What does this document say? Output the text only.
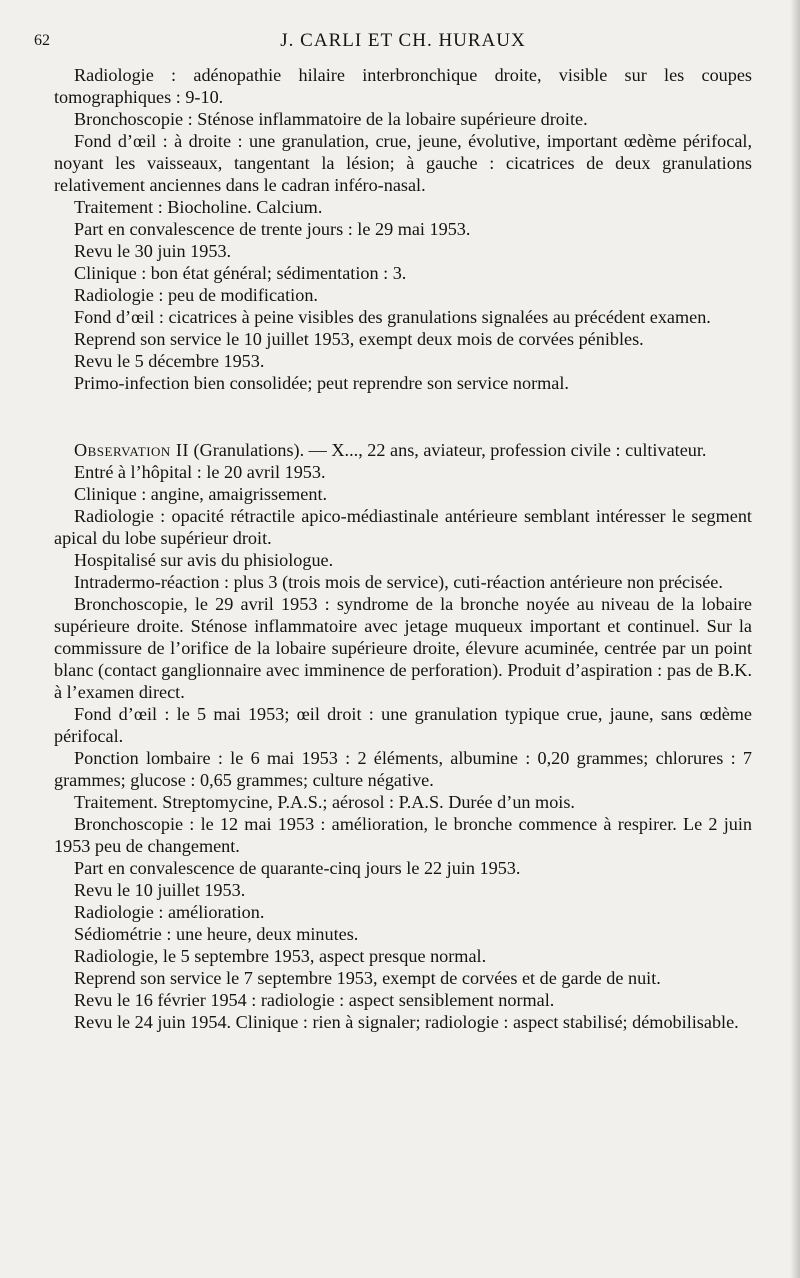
62	J. CARLI ET CH. HURAUX

Radiologie : adénopathie hilaire interbronchique droite, visible sur les coupes tomographiques : 9-10.

Bronchoscopie : Sténose inflammatoire de la lobaire supérieure droite.

Fond d’œil : à droite : une granulation, crue, jeune, évolutive, important œdème périfocal, noyant les vaisseaux, tangentant la lésion; à gauche : cicatrices de deux granulations relativement anciennes dans le cadran inféro-nasal.

Traitement : Biocholine. Calcium.

Part en convalescence de trente jours : le 29 mai 1953.

Revu le 30 juin 1953.

Clinique : bon état général; sédimentation : 3.

Radiologie : peu de modification.

Fond d’œil : cicatrices à peine visibles des granulations signalées au précédent examen.

Reprend son service le 10 juillet 1953, exempt deux mois de corvées pénibles.

Revu le 5 décembre 1953.

Primo-infection bien consolidée; peut reprendre son service normal.

Observation II (Granulations). — X..., 22 ans, aviateur, profession civile : cultivateur.

Entré à l’hôpital : le 20 avril 1953.

Clinique : angine, amaigrissement.

Radiologie : opacité rétractile apico-médiastinale antérieure semblant intéresser le segment apical du lobe supérieur droit.

Hospitalisé sur avis du phisiologue.

Intradermo-réaction : plus 3 (trois mois de service), cuti-réaction antérieure non précisée.

Bronchoscopie, le 29 avril 1953 : syndrome de la bronche noyée au niveau de la lobaire supérieure droite. Sténose inflammatoire avec jetage muqueux important et continuel. Sur la commissure de l’orifice de la lobaire supérieure droite, élevure acuminée, centrée par un point blanc (contact ganglionnaire avec imminence de perforation). Produit d’aspiration : pas de B.K. à l’examen direct.

Fond d’œil : le 5 mai 1953; œil droit : une granulation typique crue, jaune, sans œdème périfocal.

Ponction lombaire : le 6 mai 1953 : 2 éléments, albumine : 0,20 grammes; chlorures : 7 grammes; glucose : 0,65 grammes; culture négative.

Traitement. Streptomycine, P.A.S.; aérosol : P.A.S. Durée d’un mois.

Bronchoscopie : le 12 mai 1953 : amélioration, le bronche commence à respirer. Le 2 juin 1953 peu de changement.

Part en convalescence de quarante-cinq jours le 22 juin 1953.

Revu le 10 juillet 1953.

Radiologie : amélioration.

Sédiométrie : une heure, deux minutes.

Radiologie, le 5 septembre 1953, aspect presque normal.

Reprend son service le 7 septembre 1953, exempt de corvées et de garde de nuit.

Revu le 16 février 1954 : radiologie : aspect sensiblement normal.

Revu le 24 juin 1954. Clinique : rien à signaler; radiologie : aspect stabilisé; démobilisable.
